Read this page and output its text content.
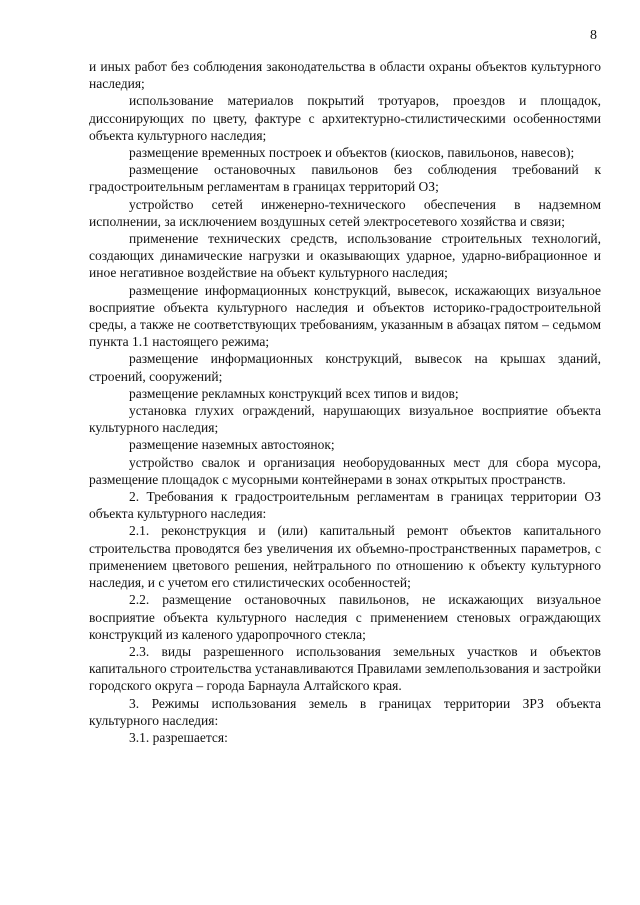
8

и иных работ без соблюдения законодательства в области охраны объектов культурного наследия;

использование материалов покрытий тротуаров, проездов и площадок, диссонирующих по цвету, фактуре с архитектурно-стилистическими особенностями объекта культурного наследия;

размещение временных построек и объектов (киосков, павильонов, навесов);

размещение остановочных павильонов без соблюдения требований к градостроительным регламентам в границах территорий ОЗ;

устройство сетей инженерно-технического обеспечения в надземном исполнении, за исключением воздушных сетей электросетевого хозяйства и связи;

применение технических средств, использование строительных технологий, создающих динамические нагрузки и оказывающих ударное, ударно-вибрационное и иное негативное воздействие на объект культурного наследия;

размещение информационных конструкций, вывесок, искажающих визуальное восприятие объекта культурного наследия и объектов историко-градостроительной среды, а также не соответствующих требованиям, указанным в абзацах пятом – седьмом пункта 1.1 настоящего режима;

размещение информационных конструкций, вывесок на крышах зданий, строений, сооружений;

размещение рекламных конструкций всех типов и видов;

установка глухих ограждений, нарушающих визуальное восприятие объекта культурного наследия;

размещение наземных автостоянок;

устройство свалок и организация необорудованных мест для сбора мусора, размещение площадок с мусорными контейнерами в зонах открытых пространств.

2. Требования к градостроительным регламентам в границах территории ОЗ объекта культурного наследия:

2.1. реконструкция и (или) капитальный ремонт объектов капитального строительства проводятся без увеличения их объемно-пространственных параметров, с применением цветового решения, нейтрального по отношению к объекту культурного наследия, и с учетом его стилистических особенностей;

2.2. размещение остановочных павильонов, не искажающих визуальное восприятие объекта культурного наследия с применением стеновых ограждающих конструкций из каленого ударопрочного стекла;

2.3. виды разрешенного использования земельных участков и объектов капитального строительства устанавливаются Правилами землепользования и застройки городского округа – города Барнаула Алтайского края.

3. Режимы использования земель в границах территории ЗРЗ объекта культурного наследия:

3.1. разрешается:
